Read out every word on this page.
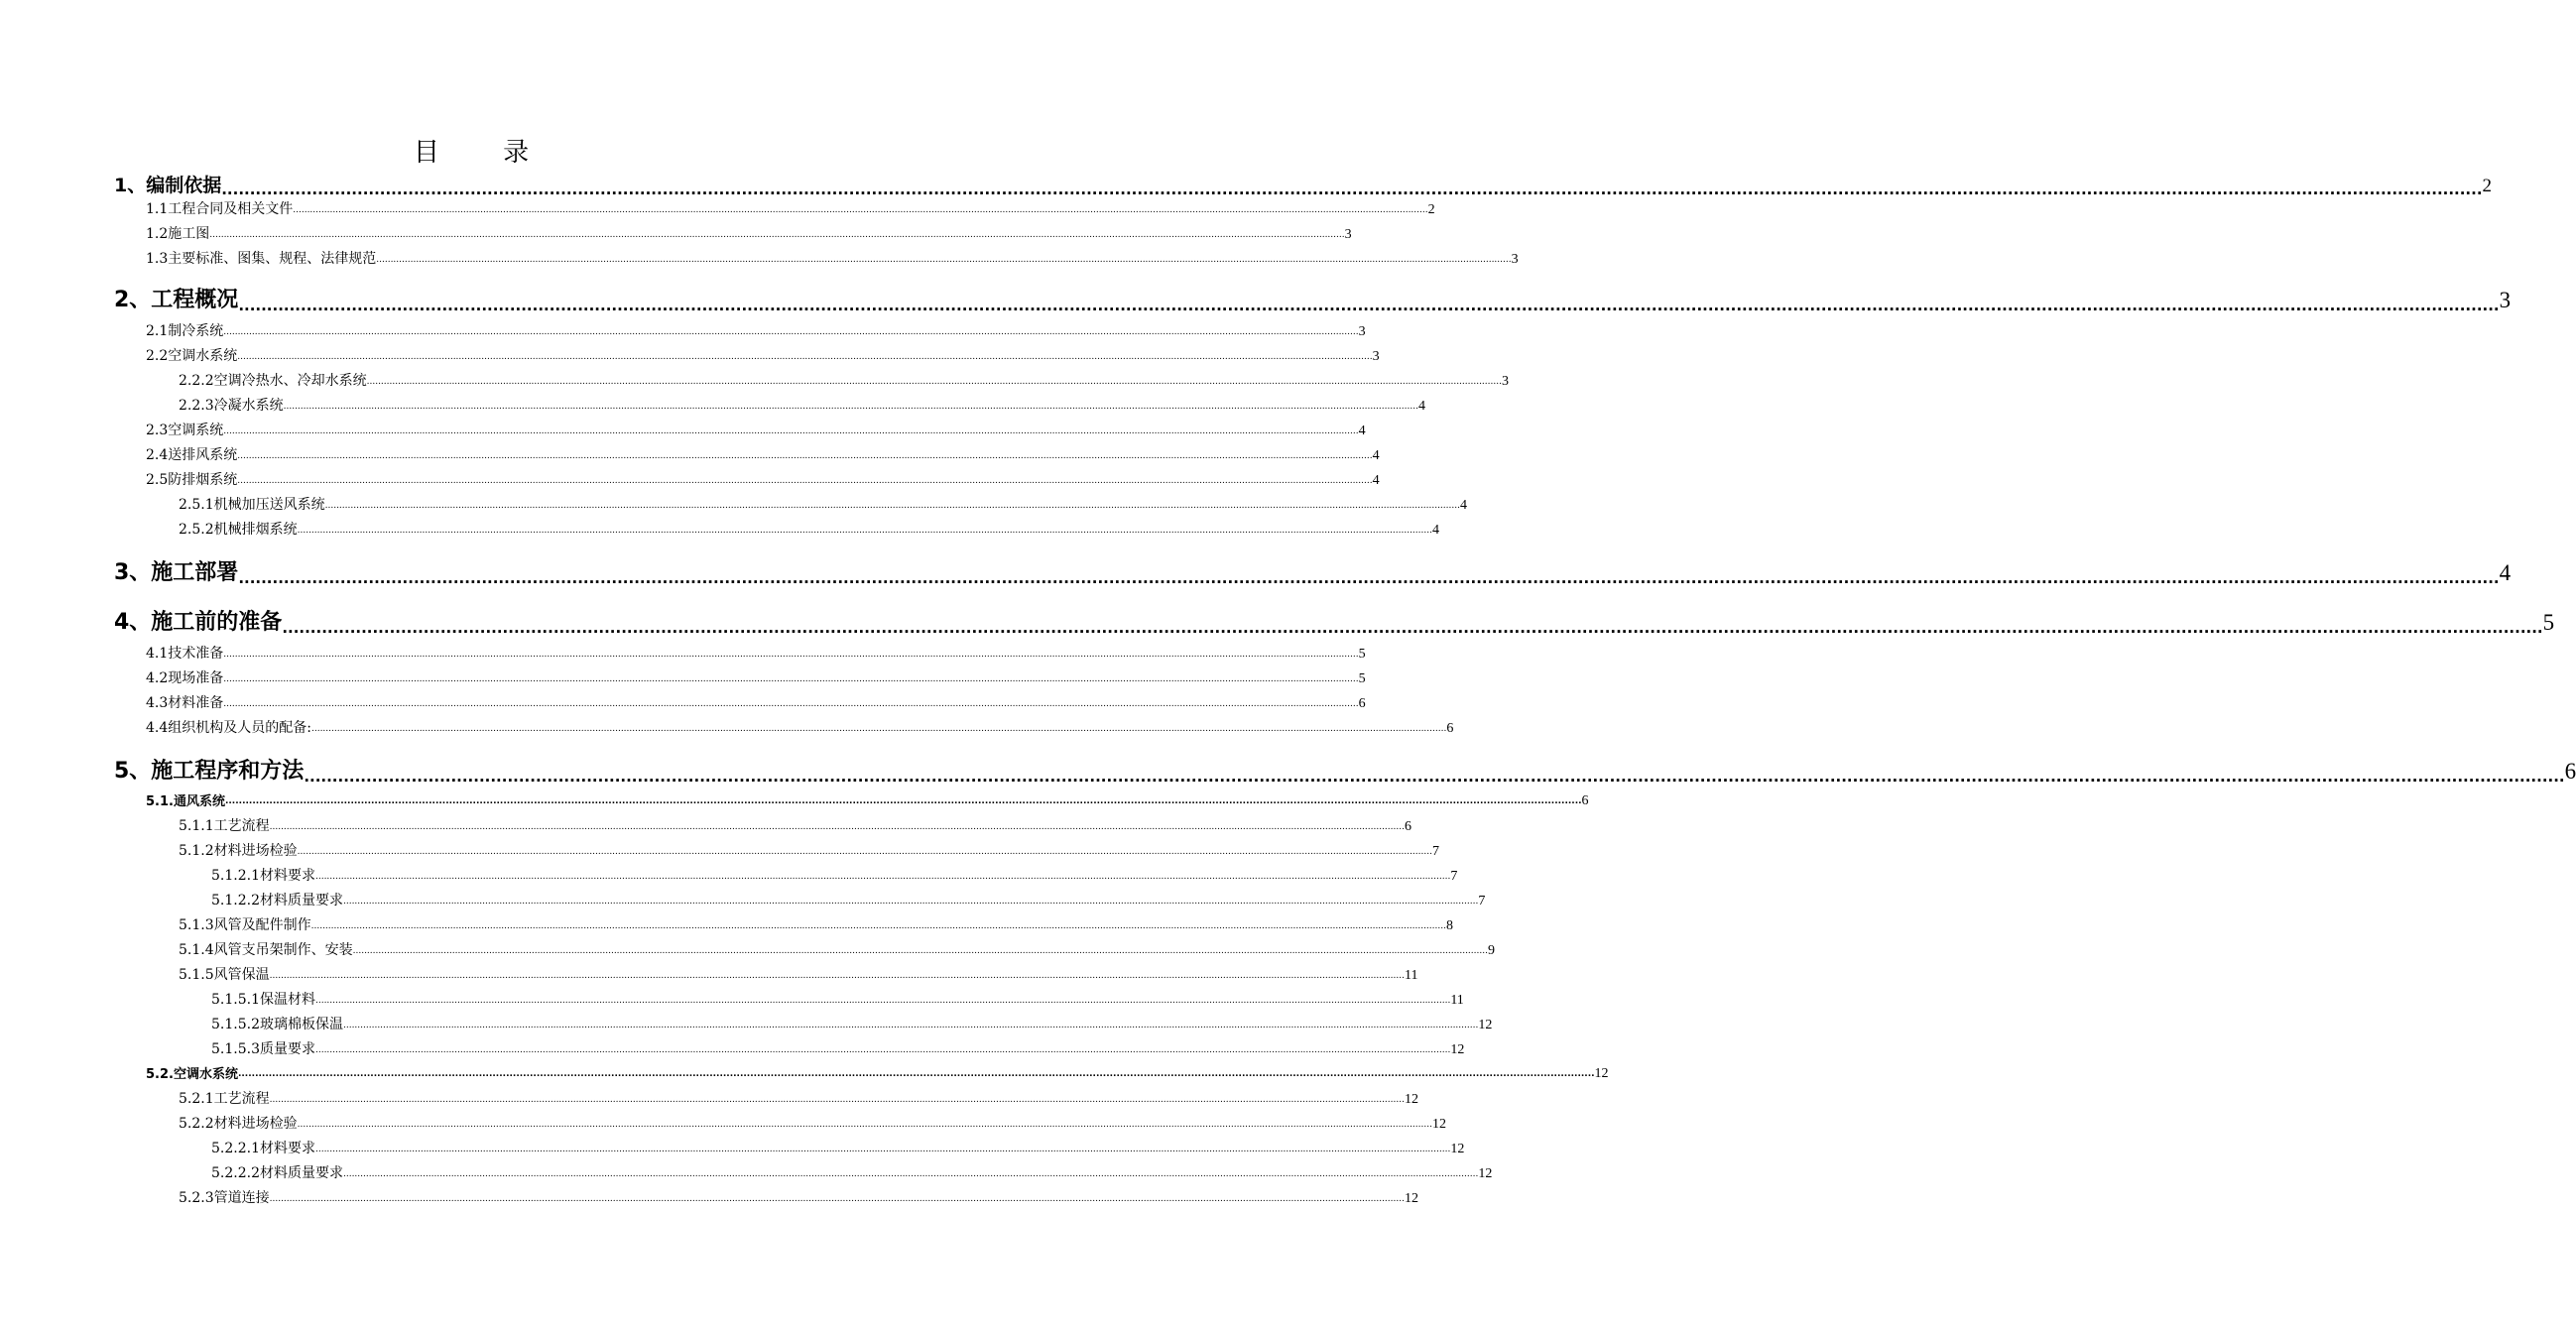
目 录
1、编制依据 ................................................................................................................................................................................................................................................................................................................................................................................................................ 2
1.1工程合同及相关文件 ................................................................................................................................................................................................................................................................................................................................................................................................................ 2
1.2施工图 ................................................................................................................................................................................................................................................................................................................................................................................................................ 3
1.3主要标准、图集、规程、法律规范 ................................................................................................................................................................................................................................................................................................................................................................................................................ 3
2、工程概况 ................................................................................................................................................................................................................................................................................................................................................................................................................ 3
2.1制冷系统 ................................................................................................................................................................................................................................................................................................................................................................................................................ 3
2.2空调水系统 ................................................................................................................................................................................................................................................................................................................................................................................................................ 3
2.2.2空调冷热水、冷却水系统 ................................................................................................................................................................................................................................................................................................................................................................................................................ 3
2.2.3冷凝水系统 ................................................................................................................................................................................................................................................................................................................................................................................................................ 4
2.3空调系统 ................................................................................................................................................................................................................................................................................................................................................................................................................ 4
2.4送排风系统 ................................................................................................................................................................................................................................................................................................................................................................................................................ 4
2.5防排烟系统 ................................................................................................................................................................................................................................................................................................................................................................................................................ 4
2.5.1机械加压送风系统 ................................................................................................................................................................................................................................................................................................................................................................................................................ 4
2.5.2机械排烟系统 ................................................................................................................................................................................................................................................................................................................................................................................................................ 4
3、施工部署 ................................................................................................................................................................................................................................................................................................................................................................................................................ 4
4、施工前的准备 ................................................................................................................................................................................................................................................................................................................................................................................................................ 5
4.1技术准备 ................................................................................................................................................................................................................................................................................................................................................................................................................ 5
4.2现场准备 ................................................................................................................................................................................................................................................................................................................................................................................................................ 5
4.3材料准备 ................................................................................................................................................................................................................................................................................................................................................................................................................ 6
4.4组织机构及人员的配备: ................................................................................................................................................................................................................................................................................................................................................................................................................ 6
5、施工程序和方法 ................................................................................................................................................................................................................................................................................................................................................................................................................ 6
5.1.通风系统 ................................................................................................................................................................................................................................................................................................................................................................................................................ 6
5.1.1工艺流程 ................................................................................................................................................................................................................................................................................................................................................................................................................ 6
5.1.2材料进场检验 ................................................................................................................................................................................................................................................................................................................................................................................................................ 7
5.1.2.1材料要求 ................................................................................................................................................................................................................................................................................................................................................................................................................ 7
5.1.2.2材料质量要求 ................................................................................................................................................................................................................................................................................................................................................................................................................ 7
5.1.3风管及配件制作 ................................................................................................................................................................................................................................................................................................................................................................................................................ 8
5.1.4风管支吊架制作、安装 ................................................................................................................................................................................................................................................................................................................................................................................................................ 9
5.1.5风管保温 ................................................................................................................................................................................................................................................................................................................................................................................................................ 11
5.1.5.1保温材料 ................................................................................................................................................................................................................................................................................................................................................................................................................ 11
5.1.5.2玻璃棉板保温 ................................................................................................................................................................................................................................................................................................................................................................................................................ 12
5.1.5.3质量要求 ................................................................................................................................................................................................................................................................................................................................................................................................................ 12
5.2.空调水系统 ................................................................................................................................................................................................................................................................................................................................................................................................................ 12
5.2.1工艺流程 ................................................................................................................................................................................................................................................................................................................................................................................................................ 12
5.2.2材料进场检验 ................................................................................................................................................................................................................................................................................................................................................................................................................ 12
5.2.2.1材料要求 ................................................................................................................................................................................................................................................................................................................................................................................................................ 12
5.2.2.2材料质量要求 ................................................................................................................................................................................................................................................................................................................................................................................................................ 12
5.2.3管道连接 ................................................................................................................................................................................................................................................................................................................................................................................................................ 12
